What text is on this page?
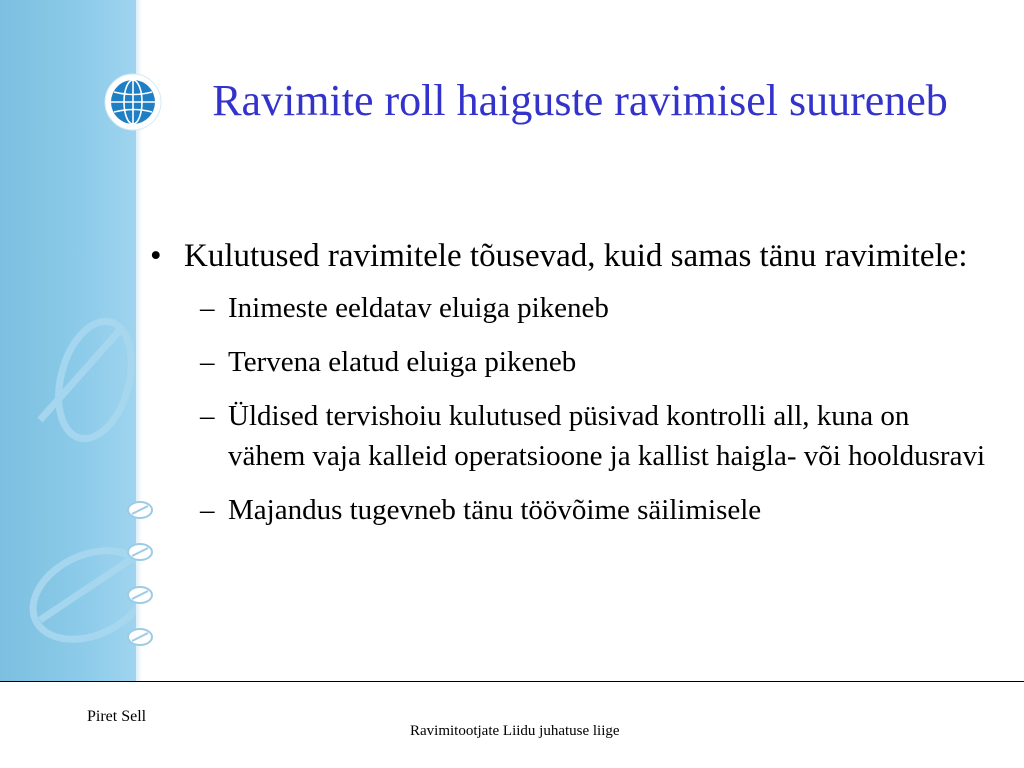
Ravimite roll haiguste ravimisel suureneb
• Kulutused ravimitele tõusevad, kuid samas tänu ravimitele:
– Inimeste eeldatav eluiga pikeneb
– Tervena elatud eluiga pikeneb
– Üldised tervishoiu kulutused püsivad kontrolli all, kuna on vähem vaja kalleid operatsioone ja kallist haigla- või hooldusravi
– Majandus tugevneb tänu töövõime säilimisele
Piret Sell
Ravimitootjate Liidu juhatuse liige
